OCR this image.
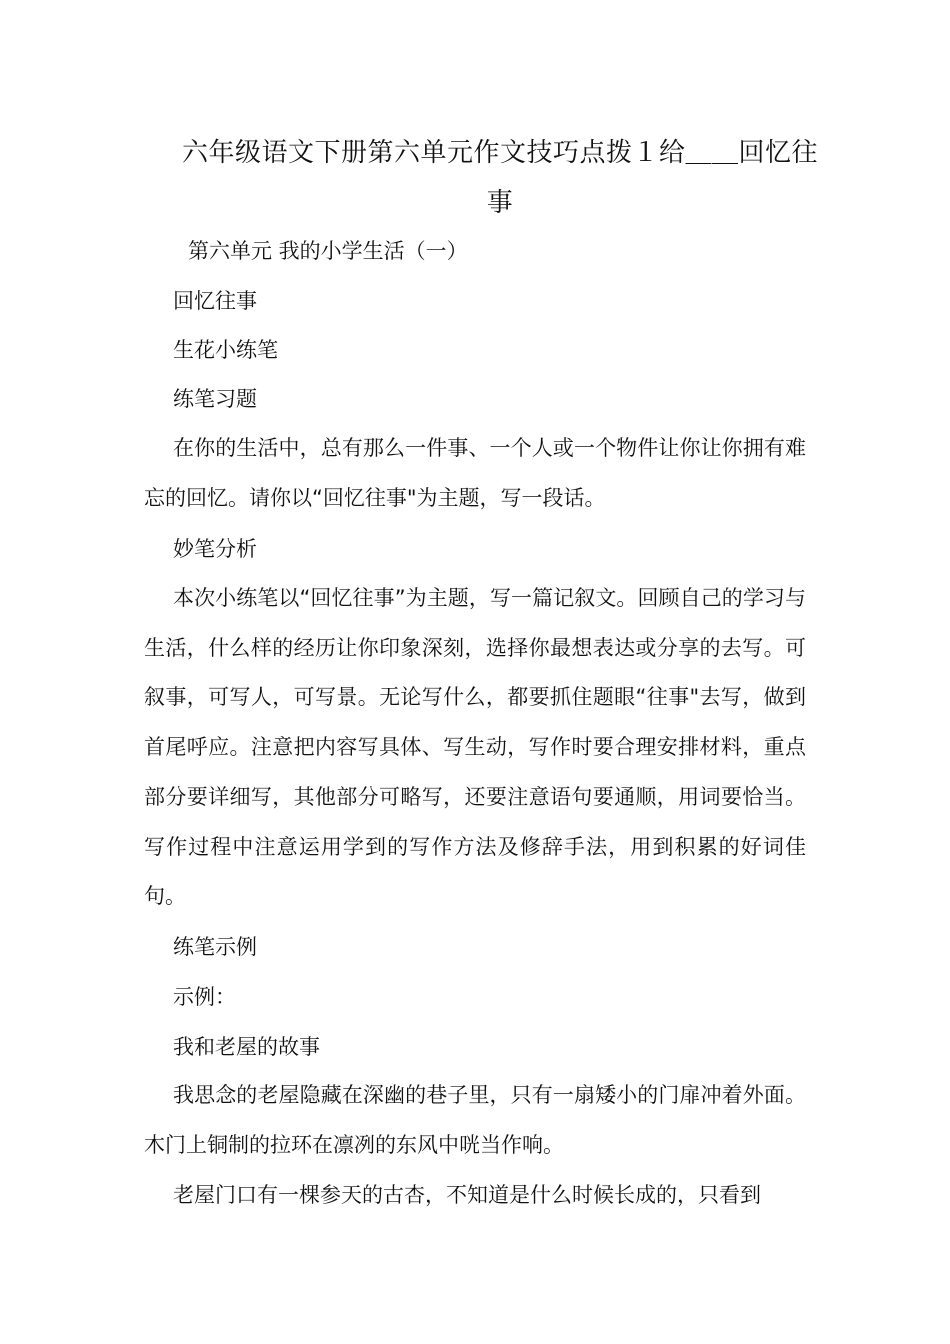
六年级语文下册第六单元作文技巧点拨１给＿＿回忆往事
第六单元 我的小学生活（一）
回忆往事
生花小练笔
练笔习题
在你的生活中，总有那么一件事、一个人或一个物件让你让你拥有难忘的回忆。请你以“回忆往事"为主题，写一段话。
妙笔分析
本次小练笔以“回忆往事”为主题，写一篇记叙文。回顾自己的学习与生活，什么样的经历让你印象深刻，选择你最想表达或分享的去写。可叙事，可写人，可写景。无论写什么，都要抓住题眼“往事"去写，做到首尾呼应。注意把内容写具体、写生动，写作时要合理安排材料，重点部分要详细写，其他部分可略写，还要注意语句要通顺，用词要恰当。写作过程中注意运用学到的写作方法及修辞手法，用到积累的好词佳句。
练笔示例
示例：
我和老屋的故事
我思念的老屋隐藏在深幽的巷子里，只有一扇矮小的门扉冲着外面。木门上铜制的拉环在凛冽的东风中咣当作响。
老屋门口有一棵参天的古杏，不知道是什么时候长成的，只看到
